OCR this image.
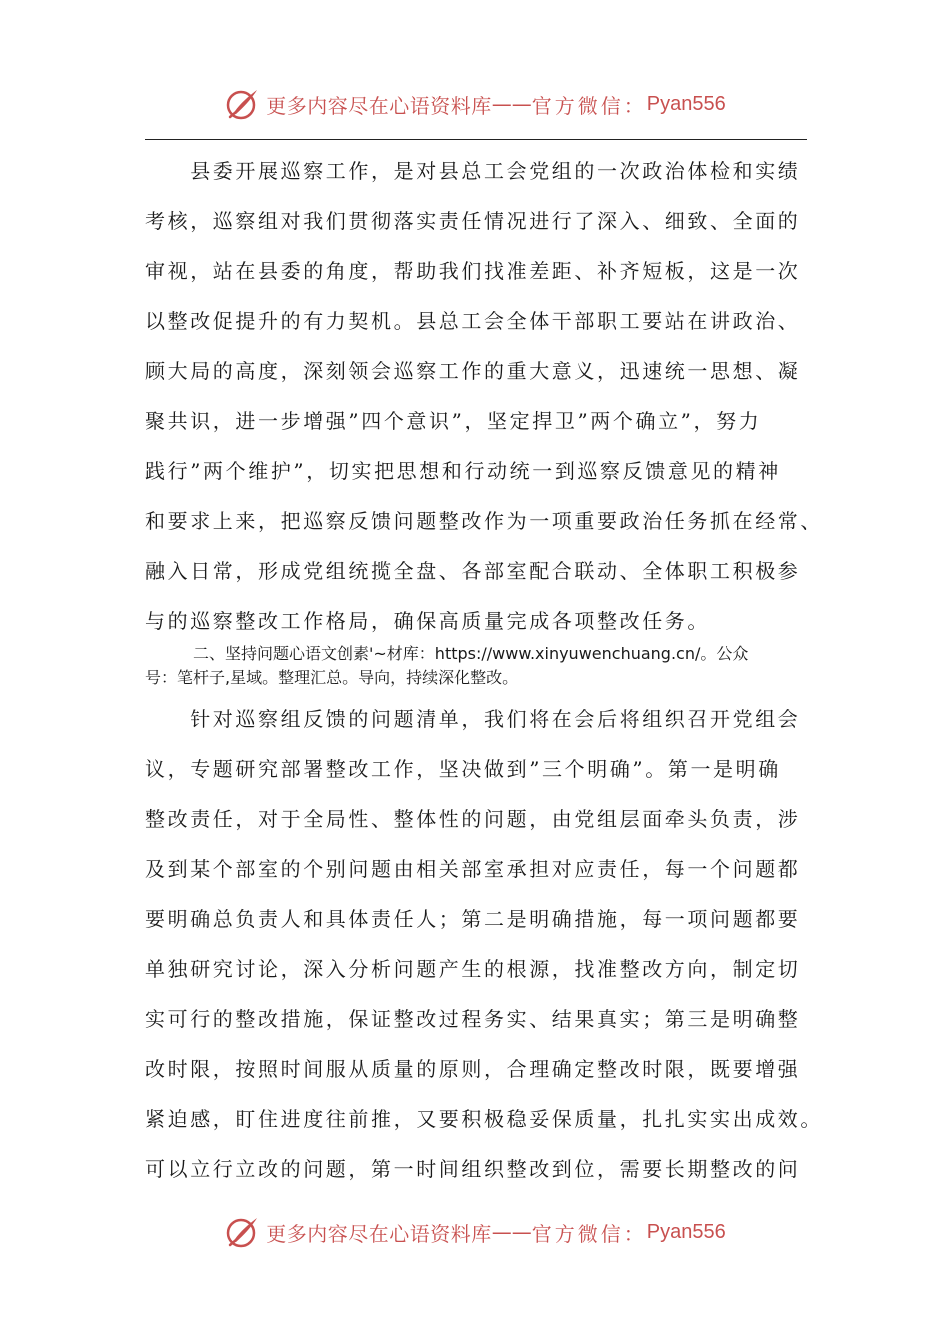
更多内容尽在心语资料库 —— 官方微信： Pyan556

　　县委开展巡察工作，是对县总工会党组的一次政治体检和实绩
考核，巡察组对我们贯彻落实责任情况进行了深入、细致、全面的
审视，站在县委的角度，帮助我们找准差距、补齐短板，这是一次
以整改促提升的有力契机。县总工会全体干部职工要站在讲政治、
顾大局的高度，深刻领会巡察工作的重大意义，迅速统一思想、凝
聚共识，进一步增强”四个意识”，坚定捍卫”两个确立”，努力
践行”两个维护”，切实把思想和行动统一到巡察反馈意见的精神
和要求上来，把巡察反馈问题整改作为一项重要政治任务抓在经常、
融入日常，形成党组统揽全盘、各部室配合联动、全体职工积极参
与的巡察整改工作格局，确保高质量完成各项整改任务。

二、坚持问题心语文创素'~材库：https://www.xinyuwenchuang.cn/。公众
号：笔杆子,星域。整理汇总。导向，持续深化整改。

　　针对巡察组反馈的问题清单，我们将在会后将组织召开党组会
议，专题研究部署整改工作，坚决做到”三个明确”。第一是明确
整改责任，对于全局性、整体性的问题，由党组层面牵头负责，涉
及到某个部室的个别问题由相关部室承担对应责任，每一个问题都
要明确总负责人和具体责任人；第二是明确措施，每一项问题都要
单独研究讨论，深入分析问题产生的根源，找准整改方向，制定切
实可行的整改措施，保证整改过程务实、结果真实；第三是明确整
改时限，按照时间服从质量的原则，合理确定整改时限，既要增强
紧迫感，盯住进度往前推，又要积极稳妥保质量，扎扎实实出成效。
可以立行立改的问题，第一时间组织整改到位，需要长期整改的问

更多内容尽在心语资料库 —— 官方微信： Pyan556
